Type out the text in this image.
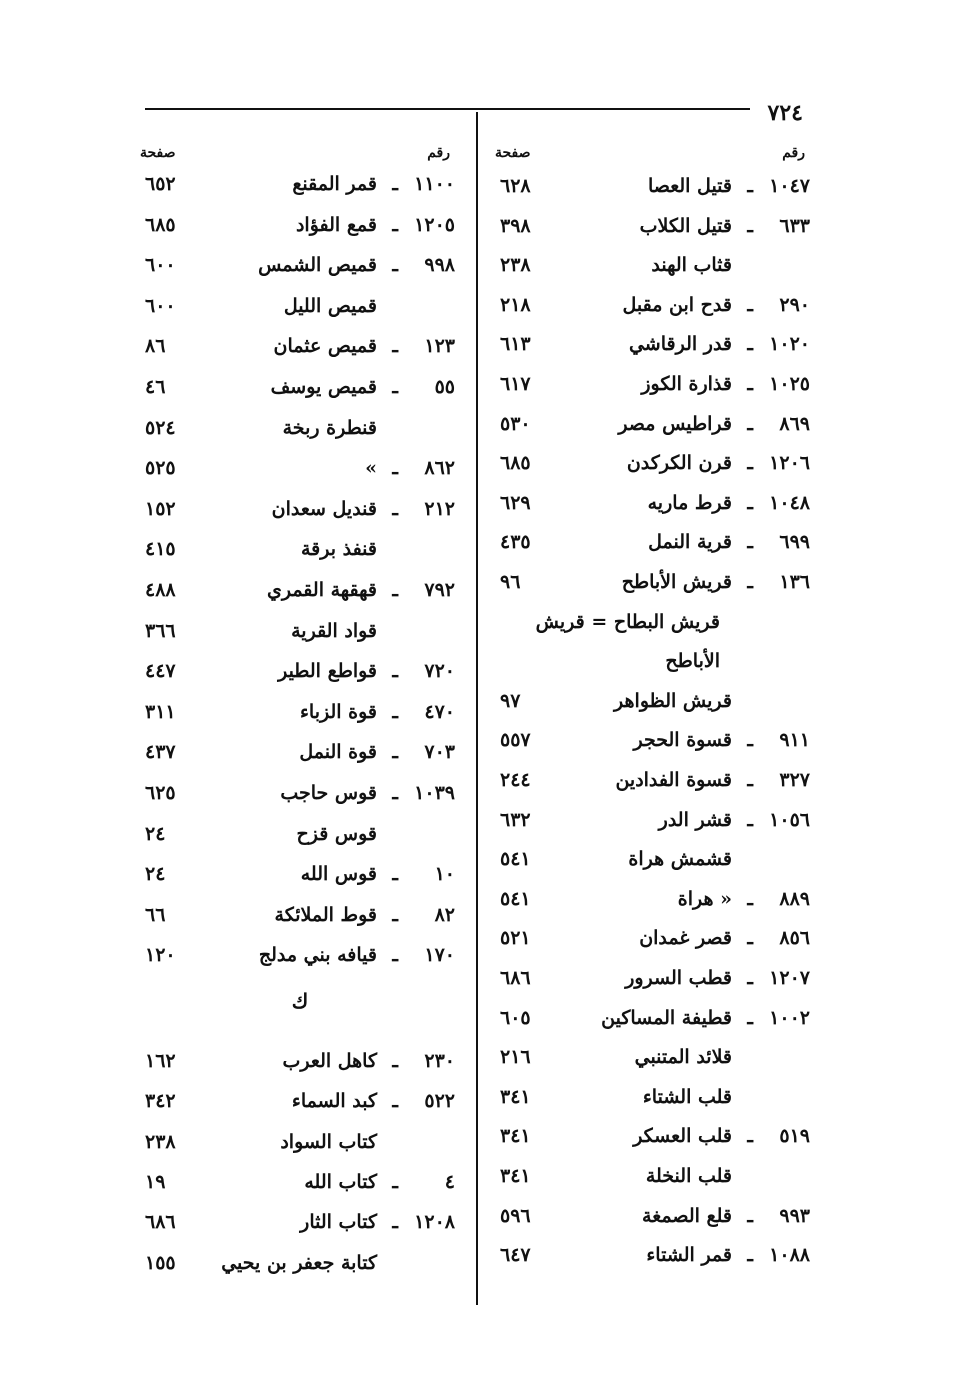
٧٢٤
رقم
صفحة
١٠٤٧
ـ
قتيل العصا
٦٢٨
٦٣٣
ـ
قتيل الكلاب
٣٩٨
قثاب الهند
٢٣٨
٢٩٠
ـ
قدح ابن مقبل
٢١٨
١٠٢٠
ـ
قدر الرقاشي
٦١٣
١٠٢٥
ـ
قذارة الكوز
٦١٧
٨٦٩
ـ
قراطيس مصر
٥٣٠
١٢٠٦
ـ
قرن الكركدن
٦٨٥
١٠٤٨
ـ
قرط ماريه
٦٢٩
٦٩٩
ـ
قرية النمل
٤٣٥
١٣٦
ـ
قريش الأباطح
٩٦
قريش البطاح = قريش
الأباطح
قريش الظواهر
٩٧
٩١١
ـ
قسوة الحجر
٥٥٧
٣٢٧
ـ
قسوة الفدادين
٢٤٤
١٠٥٦
ـ
قشر الدر
٦٣٢
قشمش هراة
٥٤١
٨٨٩
ـ
« هراة
٥٤١
٨٥٦
ـ
قصر غمدان
٥٢١
١٢٠٧
ـ
قطب السرور
٦٨٦
١٠٠٢
ـ
قطيفة المساكين
٦٠٥
قلائد المتنبي
٢١٦
قلب الشتاء
٣٤١
٥١٩
ـ
قلب العسكر
٣٤١
قلب النخلة
٣٤١
٩٩٣
ـ
قلع الصمغة
٥٩٦
١٠٨٨
ـ
قمر الشتاء
٦٤٧
رقم
صفحة
١١٠٠
ـ
قمر المقنع
٦٥٢
١٢٠٥
ـ
قمع الفؤاد
٦٨٥
٩٩٨
ـ
قميص الشمس
٦٠٠
قميص الليل
٦٠٠
١٢٣
ـ
قميص عثمان
٨٦
٥٥
ـ
قميص يوسف
٤٦
قنطرة ربخة
٥٢٤
٨٦٢
ـ
»
٥٢٥
٢١٢
ـ
قنديل سعدان
١٥٢
قنفذ برقة
٤١٥
٧٩٢
ـ
قهقهة القمري
٤٨٨
قواد القرية
٣٦٦
٧٢٠
ـ
قواطع الطير
٤٤٧
٤٧٠
ـ
قوة الزباء
٣١١
٧٠٣
ـ
قوة النمل
٤٣٧
١٠٣٩
ـ
قوس حاجب
٦٢٥
قوس قزح
٢٤
١٠
ـ
قوس الله
٢٤
٨٢
ـ
قوط الملائكة
٦٦
١٧٠
ـ
قيافه بني مدلج
١٢٠
٢٣٠
ـ
كاهل العرب
١٦٢
٥٢٢
ـ
كبد السماء
٣٤٢
كتاب السواد
٢٣٨
٤
ـ
كتاب الله
١٩
١٢٠٨
ـ
كتاب الثار
٦٨٦
كتابة جعفر بن يحيي
١٥٥
ك
